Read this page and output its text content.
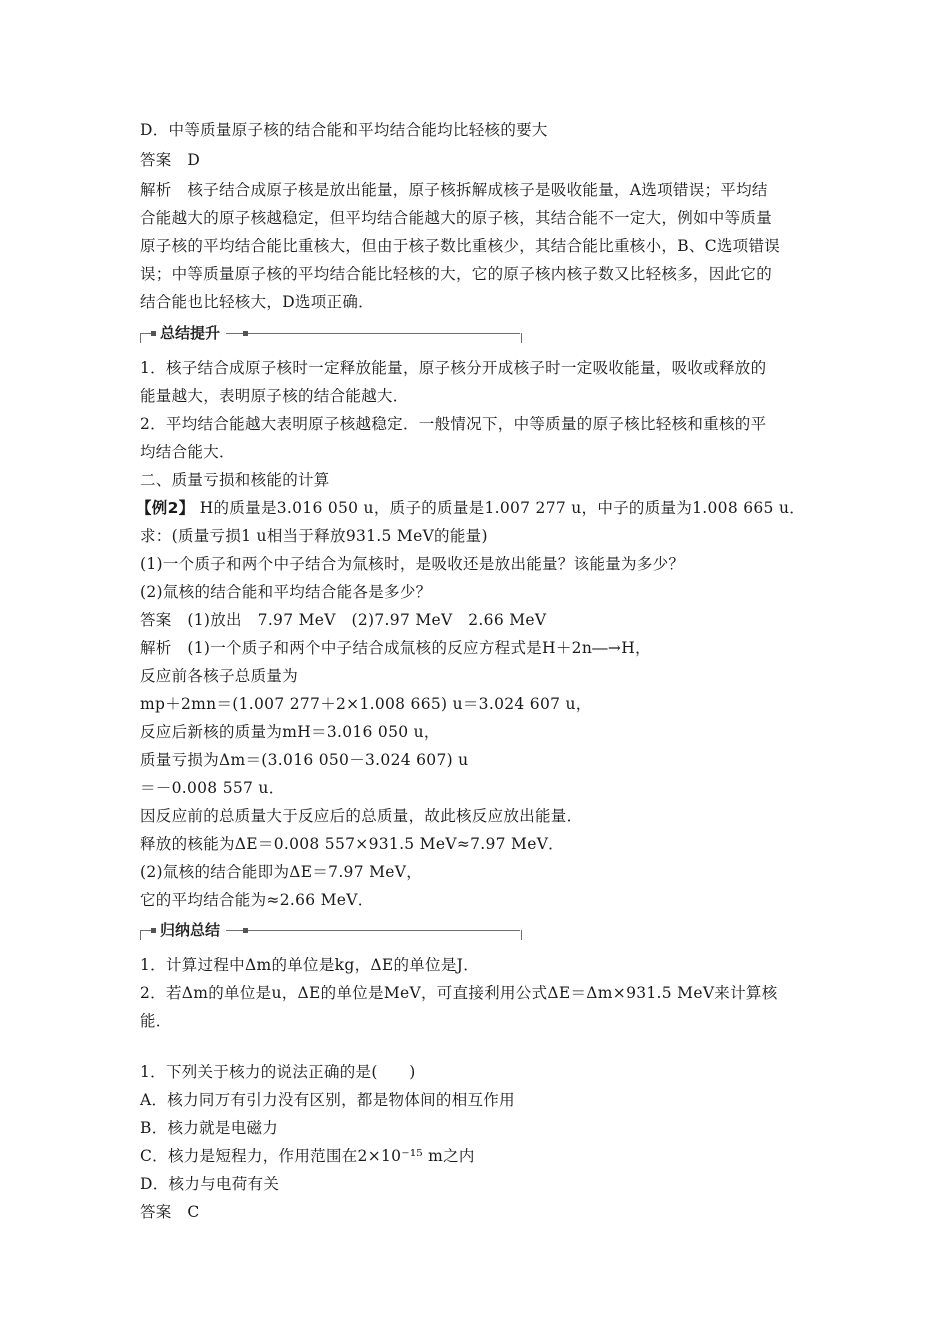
D．中等质量原子核的结合能和平均结合能均比轻核的要大
答案　D
解析　核子结合成原子核是放出能量，原子核拆解成核子是吸收能量，A选项错误；平均结
合能越大的原子核越稳定，但平均结合能越大的原子核，其结合能不一定大，例如中等质量
原子核的平均结合能比重核大，但由于核子数比重核少，其结合能比重核小，B、C选项错误
误；中等质量原子核的平均结合能比轻核的大，它的原子核内核子数又比轻核多，因此它的
结合能也比轻核大，D选项正确．
总结提升
1．核子结合成原子核时一定释放能量，原子核分开成核子时一定吸收能量，吸收或释放的
能量越大，表明原子核的结合能越大．
2．平均结合能越大表明原子核越稳定．一般情况下，中等质量的原子核比轻核和重核的平
均结合能大．
二、质量亏损和核能的计算
【例2】 H的质量是3.016 050 u，质子的质量是1.007 277 u，中子的质量为1.008 665 u．
求：(质量亏损1 u相当于释放931.5 MeV的能量)
(1)一个质子和两个中子结合为氚核时，是吸收还是放出能量？该能量为多少？
(2)氚核的结合能和平均结合能各是多少？
答案　(1)放出　7.97 MeV　(2)7.97 MeV　2.66 MeV
解析　(1)一个质子和两个中子结合成氚核的反应方程式是H＋2n―→H，
反应前各核子总质量为
mp＋2mn＝(1.007 277＋2×1.008 665) u＝3.024 607 u，
反应后新核的质量为mH＝3.016 050 u，
质量亏损为Δm＝(3.016 050－3.024 607) u
＝－0.008 557 u．
因反应前的总质量大于反应后的总质量，故此核反应放出能量．
释放的核能为ΔE＝0.008 557×931.5 MeV≈7.97 MeV．
(2)氚核的结合能即为ΔE＝7.97 MeV，
它的平均结合能为≈2.66 MeV．
归纳总结
1．计算过程中Δm的单位是kg，ΔE的单位是J．
2．若Δm的单位是u，ΔE的单位是MeV，可直接利用公式ΔE＝Δm×931.5 MeV来计算核
能．
1．下列关于核力的说法正确的是(　　)
A．核力同万有引力没有区别，都是物体间的相互作用
B．核力就是电磁力
C．核力是短程力，作用范围在2×10⁻¹⁵ m之内
D．核力与电荷有关
答案　C
